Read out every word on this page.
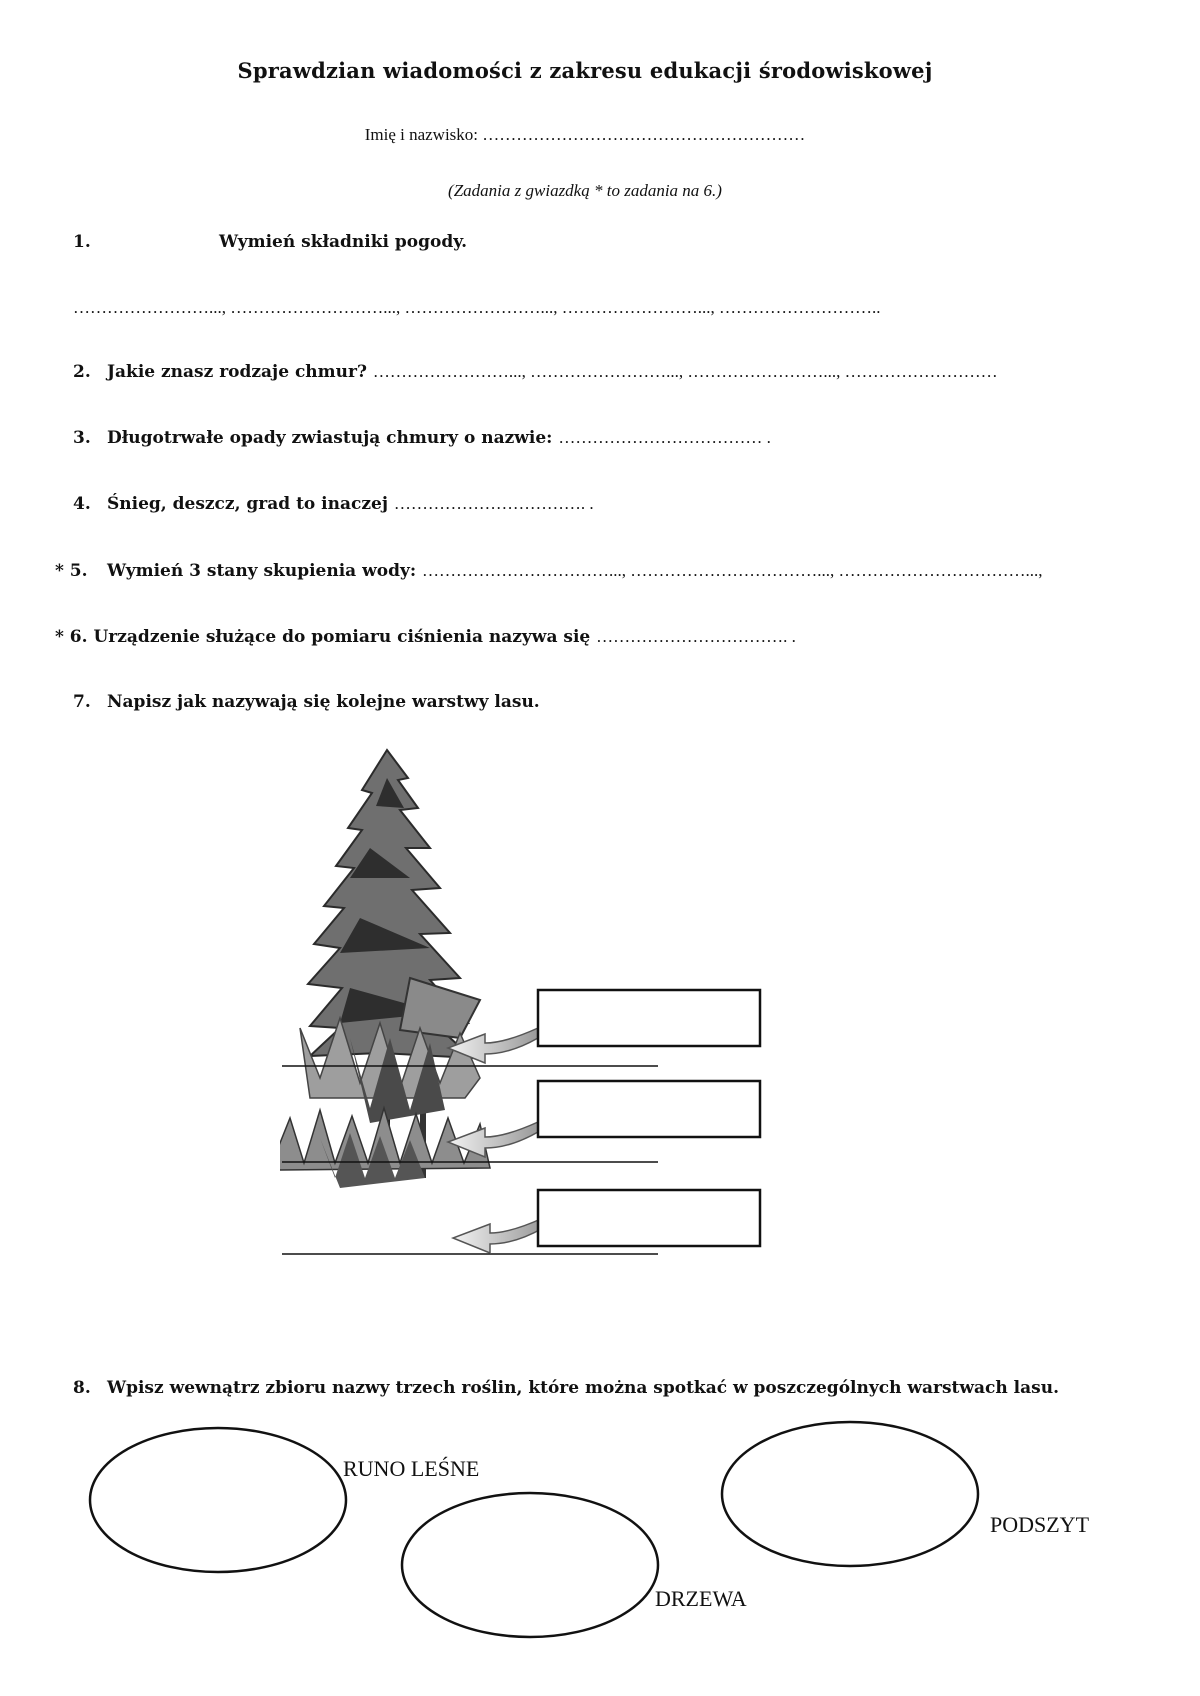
Sprawdzian wiadomości z zakresu edukacji środowiskowej
Imię i nazwisko: …………………………………………………
(Zadania z gwiazdką * to zadania na 6.)
1.	Wymień składniki pogody.
……………………..., ………………………..., ……………………..., ……………………..., ………………………..
2. Jakie znasz rodzaje chmur? ……………………..., ……………………..., ……………………..., ………………………
3. Długotrwałe opady zwiastują chmury o nazwie: ……………………………… .
4. Śnieg, deszcz, grad to inaczej ……………………………. .
* 5. Wymień 3 stany skupienia wody: ……………………………..., ……………………………..., ……………………………...,
* 6. Urządzenie służące do pomiaru ciśnienia nazywa się ……………………………. .
7. Napisz jak nazywają się kolejne warstwy lasu.
8. Wpisz wewnątrz zbioru nazwy trzech roślin, które można spotkać w poszczególnych warstwach lasu.
RUNO LEŚNE
PODSZYT
DRZEWA
